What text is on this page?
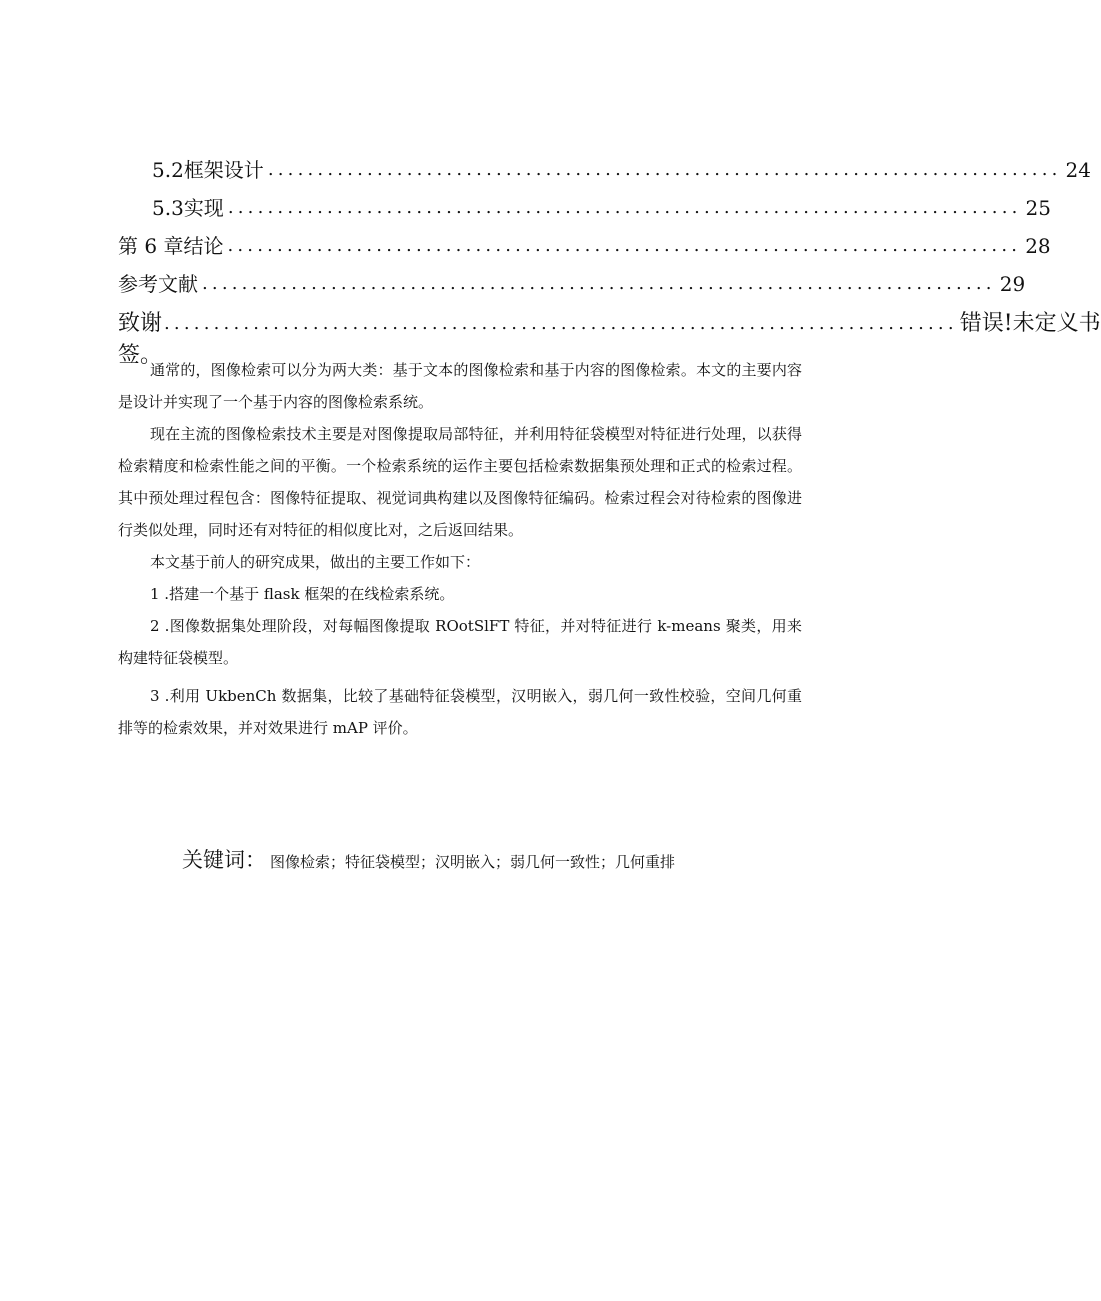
5.2 框架设计 ................................................................................ 24
5.3 实现 ................................................................................ 25
第 6 章结论 ................................................................................ 28
参考文献 ................................................................................ 29
致谢 ................................................................................ 错误!未定义书
签。

通常的，图像检索可以分为两大类：基于文本的图像检索和基于内容的图像检索。本文的主要内容是设计并实现了一个基于内容的图像检索系统。

现在主流的图像检索技术主要是对图像提取局部特征，并利用特征袋模型对特征进行处理，以获得检索精度和检索性能之间的平衡。一个检索系统的运作主要包括检索数据集预处理和正式的检索过程。其中预处理过程包含：图像特征提取、视觉词典构建以及图像特征编码。检索过程会对待检索的图像进行类似处理，同时还有对特征的相似度比对，之后返回结果。

本文基于前人的研究成果，做出的主要工作如下：

1 .搭建一个基于 flask 框架的在线检索系统。

2 .图像数据集处理阶段，对每幅图像提取 ROotSlFT 特征，并对特征进行 k-means 聚类，用来构建特征袋模型。

3 .利用 UkbenCh 数据集，比较了基础特征袋模型，汉明嵌入，弱几何一致性校验，空间几何重排等的检索效果，并对效果进行 mAP 评价。

关键词： 图像检索；特征袋模型；汉明嵌入；弱几何一致性；几何重排
